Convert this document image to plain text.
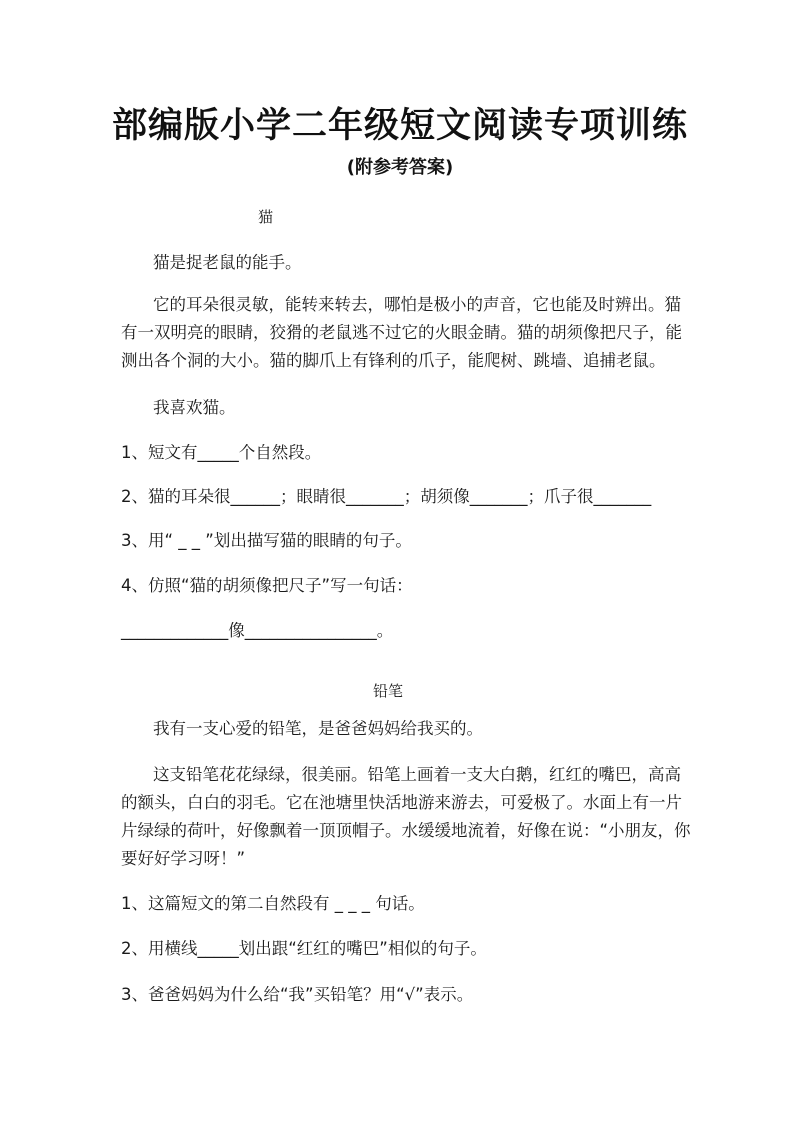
部编版小学二年级短文阅读专项训练
(附参考答案)
猫
猫是捉老鼠的能手。
它的耳朵很灵敏，能转来转去，哪怕是极小的声音，它也能及时辨出。猫
有一双明亮的眼睛，狡猾的老鼠逃不过它的火眼金睛。猫的胡须像把尺子，能
测出各个洞的大小。猫的脚爪上有锋利的爪子，能爬树、跳墙、追捕老鼠。
我喜欢猫。
1、短文有_____个自然段。
2、猫的耳朵很______；眼睛很_______；胡须像_______；爪子很_______
3、用“ _ _ ”划出描写猫的眼睛的句子。
4、仿照“猫的胡须像把尺子”写一句话：
_____________像________________。
铅笔
我有一支心爱的铅笔，是爸爸妈妈给我买的。
这支铅笔花花绿绿，很美丽。铅笔上画着一支大白鹅，红红的嘴巴，高高
的额头，白白的羽毛。它在池塘里快活地游来游去，可爱极了。水面上有一片
片绿绿的荷叶，好像飘着一顶顶帽子。水缓缓地流着，好像在说：“小朋友，你
要好好学习呀！”
1、这篇短文的第二自然段有 _ _ _ 句话。
2、用横线_____划出跟“红红的嘴巴”相似的句子。
3、爸爸妈妈为什么给“我”买铅笔？用“√”表示。
